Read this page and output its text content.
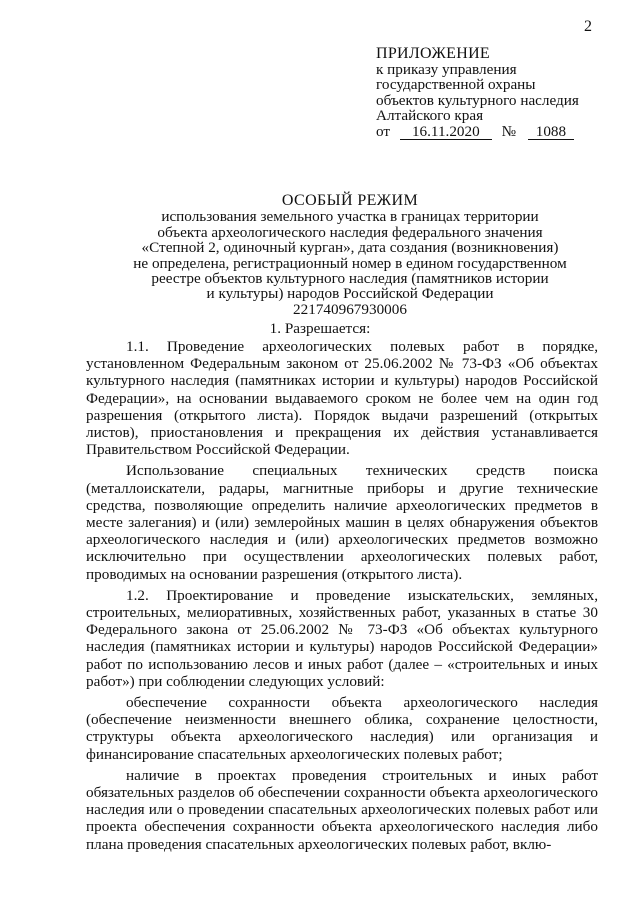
2
ПРИЛОЖЕНИЕ
к приказу управления
государственной охраны
объектов культурного наследия
Алтайского края
от 16.11.2020 № 1088
ОСОБЫЙ РЕЖИМ
использования земельного участка в границах территории
объекта археологического наследия федерального значения
«Степной 2, одиночный курган», дата создания (возникновения)
не определена, регистрационный номер в едином государственном
реестре объектов культурного наследия (памятников истории
и культуры) народов Российской Федерации
221740967930006
1. Разрешается:

1.1. Проведение археологических полевых работ в порядке, установленном Федеральным законом от 25.06.2002 № 73-ФЗ «Об объектах культурного наследия (памятниках истории и культуры) народов Российской Федерации», на основании выдаваемого сроком не более чем на один год разрешения (открытого листа). Порядок выдачи разрешений (открытых листов), приостановления и прекращения их действия устанавливается Правительством Российской Федерации.

Использование специальных технических средств поиска (металлоискатели, радары, магнитные приборы и другие технические средства, позволяющие определить наличие археологических предметов в месте залегания) и (или) землеройных машин в целях обнаружения объектов археологического наследия и (или) археологических предметов возможно исключительно при осуществлении археологических полевых работ, проводимых на основании разрешения (открытого листа).

1.2. Проектирование и проведение изыскательских, земляных, строительных, мелиоративных, хозяйственных работ, указанных в статье 30 Федерального закона от 25.06.2002 № 73-ФЗ «Об объектах культурного наследия (памятниках истории и культуры) народов Российской Федерации» работ по использованию лесов и иных работ (далее – «строительных и иных работ») при соблюдении следующих условий:

обеспечение сохранности объекта археологического наследия (обеспечение неизменности внешнего облика, сохранение целостности, структуры объекта археологического наследия) или организация и финансирование спасательных археологических полевых работ;

наличие в проектах проведения строительных и иных работ обязательных разделов об обеспечении сохранности объекта археологического наследия или о проведении спасательных археологических полевых работ или проекта обеспечения сохранности объекта археологического наследия либо плана проведения спасательных археологических полевых работ, вклю-
